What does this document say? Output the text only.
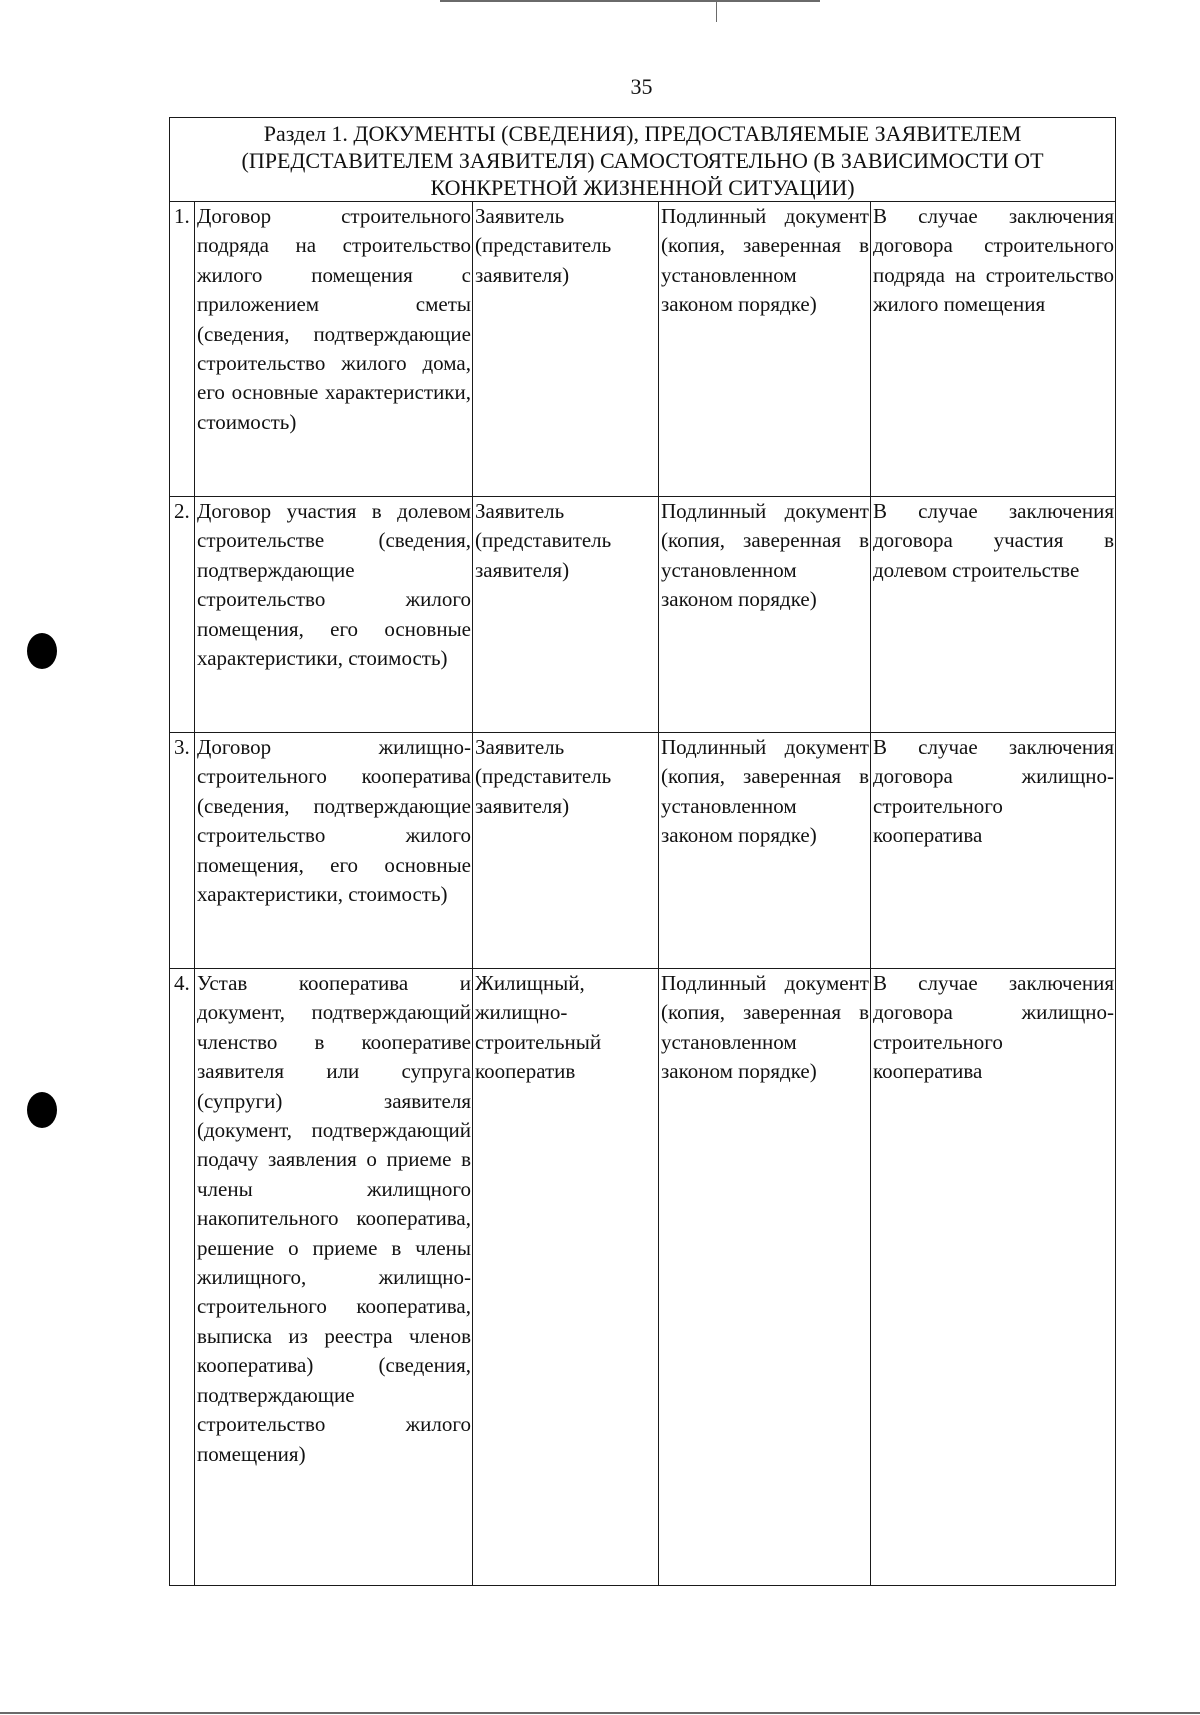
35
Раздел 1. ДОКУМЕНТЫ (СВЕДЕНИЯ), ПРЕДОСТАВЛЯЕМЫЕ ЗАЯВИТЕЛЕМ (ПРЕДСТАВИТЕЛЕМ ЗАЯВИТЕЛЯ) САМОСТОЯТЕЛЬНО (В ЗАВИСИМОСТИ ОТ КОНКРЕТНОЙ ЖИЗНЕННОЙ СИТУАЦИИ)				
1.	Договор строительного подряда на строительство жилого помещения с приложением сметы (сведения, подтверждающие строительство жилого дома, его основные характеристики, стоимость)	Заявитель (представитель заявителя)	Подлинный документ (копия, заверенная в установленном законом порядке)	В случае заключения договора строительного подряда на строительство жилого помещения
2.	Договор участия в долевом строительстве (сведения, подтверждающие строительство жилого помещения, его основные характеристики, стоимость)	Заявитель (представитель заявителя)	Подлинный документ (копия, заверенная в установленном законом порядке)	В случае заключения договора участия в долевом строительстве
3.	Договор жилищно-строительного кооператива (сведения, подтверждающие строительство жилого помещения, его основные характеристики, стоимость)	Заявитель (представитель заявителя)	Подлинный документ (копия, заверенная в установленном законом порядке)	В случае заключения договора жилищно-строительного кооператива
4.	Устав кооператива и документ, подтверждающий членство в кооперативе заявителя или супруга (супруги) заявителя (документ, подтверждающий подачу заявления о приеме в члены жилищного накопительного кооператива, решение о приеме в члены жилищного, жилищно-строительного кооператива, выписка из реестра членов кооператива) (сведения, подтверждающие строительство жилого помещения)	Жилищный, жилищно-строительный кооператив	Подлинный документ (копия, заверенная в установленном законом порядке)	В случае заключения договора жилищно-строительного кооператива
